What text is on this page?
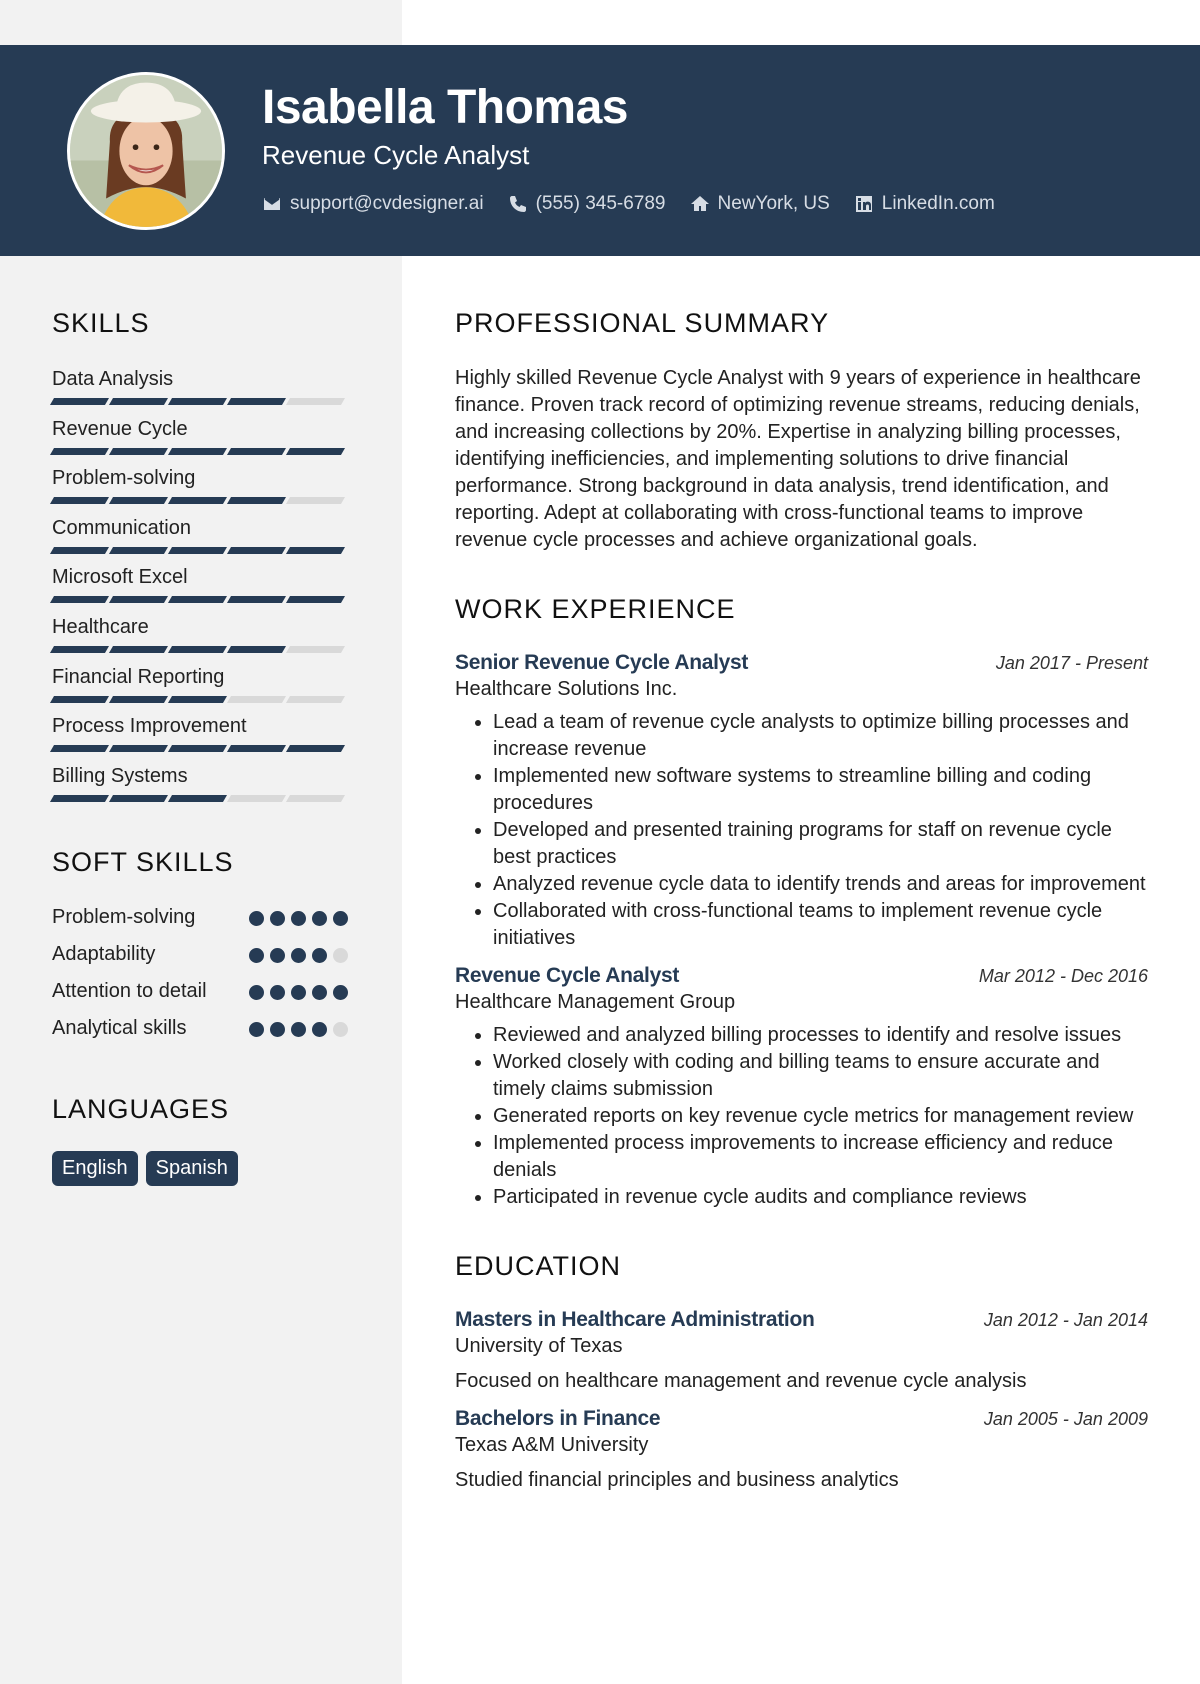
Isabella Thomas
Revenue Cycle Analyst
support@cvdesigner.ai	(555) 345-6789	NewYork, US	LinkedIn.com
SKILLS
Data Analysis
Revenue Cycle
Problem-solving
Communication
Microsoft Excel
Healthcare
Financial Reporting
Process Improvement
Billing Systems
SOFT SKILLS
Problem-solving
Adaptability
Attention to detail
Analytical skills
LANGUAGES
English	Spanish
PROFESSIONAL SUMMARY

Highly skilled Revenue Cycle Analyst with 9 years of experience in healthcare finance. Proven track record of optimizing revenue streams, reducing denials, and increasing collections by 20%. Expertise in analyzing billing processes, identifying inefficiencies, and implementing solutions to drive financial performance. Strong background in data analysis, trend identification, and reporting. Adept at collaborating with cross-functional teams to improve revenue cycle processes and achieve organizational goals.

WORK EXPERIENCE
Senior Revenue Cycle Analyst	Jan 2017 - Present
Healthcare Solutions Inc.
• Lead a team of revenue cycle analysts to optimize billing processes and increase revenue
• Implemented new software systems to streamline billing and coding procedures
• Developed and presented training programs for staff on revenue cycle best practices
• Analyzed revenue cycle data to identify trends and areas for improvement
• Collaborated with cross-functional teams to implement revenue cycle initiatives
Revenue Cycle Analyst	Mar 2012 - Dec 2016
Healthcare Management Group
• Reviewed and analyzed billing processes to identify and resolve issues
• Worked closely with coding and billing teams to ensure accurate and timely claims submission
• Generated reports on key revenue cycle metrics for management review
• Implemented process improvements to increase efficiency and reduce denials
• Participated in revenue cycle audits and compliance reviews
EDUCATION
Masters in Healthcare Administration	Jan 2012 - Jan 2014
University of Texas
Focused on healthcare management and revenue cycle analysis
Bachelors in Finance	Jan 2005 - Jan 2009
Texas A&M University
Studied financial principles and business analytics
